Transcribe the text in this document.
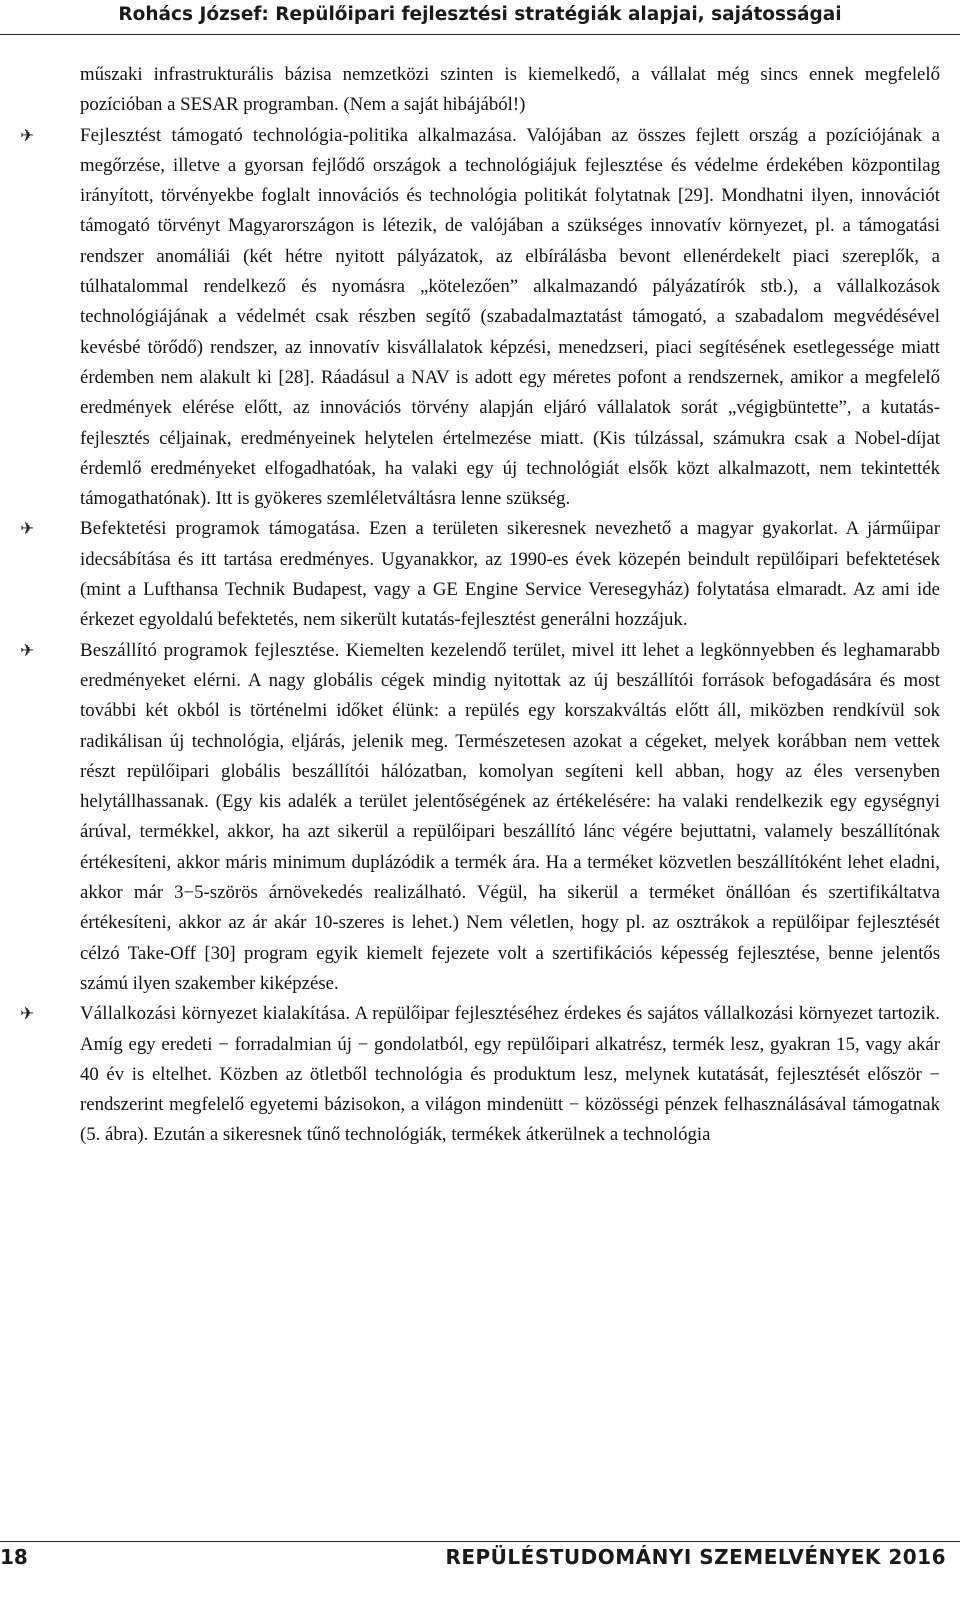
Rohács József: Repülőipari fejlesztési stratégiák alapjai, sajátosságai

műszaki infrastrukturális bázisa nemzetközi szinten is kiemelkedő, a vállalat még sincs ennek megfelelő pozícióban a SESAR programban. (Nem a saját hibájából!)

✈ Fejlesztést támogató technológia-politika alkalmazása. Valójában az összes fejlett ország a pozíciójának a megőrzése, illetve a gyorsan fejlődő országok a technológiájuk fejlesztése és védelme érdekében központilag irányított, törvényekbe foglalt innovációs és technológia politikát folytatnak [29]. Mondhatni ilyen, innovációt támogató törvényt Magyarországon is létezik, de valójában a szükséges innovatív környezet, pl. a támogatási rendszer anomáliái (két hétre nyitott pályázatok, az elbírálásba bevont ellenérdekelt piaci szereplők, a túlhatalommal rendelkező és nyomásra „kötelezően” alkalmazandó pályázatírók stb.), a vállalkozások technológiájának a védelmét csak részben segítő (szabadalmaztatást támogató, a szabadalom megvédésével kevésbé törődő) rendszer, az innovatív kisvállalatok képzési, menedzseri, piaci segítésének esetlegessége miatt érdemben nem alakult ki [28]. Ráadásul a NAV is adott egy méretes pofont a rendszernek, amikor a megfelelő eredmények elérése előtt, az innovációs törvény alapján eljáró vállalatok sorát „végigbüntette”, a kutatás-fejlesztés céljainak, eredményeinek helytelen értelmezése miatt. (Kis túlzással, számukra csak a Nobel-díjat érdemlő eredményeket elfogadhatóak, ha valaki egy új technológiát elsők közt alkalmazott, nem tekintették támogathatónak). Itt is gyökeres szemléletváltásra lenne szükség.

✈ Befektetési programok támogatása. Ezen a területen sikeresnek nevezhető a magyar gyakorlat. A járműipar idecsábítása és itt tartása eredményes. Ugyanakkor, az 1990-es évek közepén beindult repülőipari befektetések (mint a Lufthansa Technik Budapest, vagy a GE Engine Service Veresegyház) folytatása elmaradt. Az ami ide érkezet egyoldalú befektetés, nem sikerült kutatás-fejlesztést generálni hozzájuk.

✈ Beszállító programok fejlesztése. Kiemelten kezelendő terület, mivel itt lehet a legkönnyebben és leghamarabb eredményeket elérni. A nagy globális cégek mindig nyitottak az új beszállítói források befogadására és most további két okból is történelmi időket élünk: a repülés egy korszakváltás előtt áll, miközben rendkívül sok radikálisan új technológia, eljárás, jelenik meg. Természetesen azokat a cégeket, melyek korábban nem vettek részt repülőipari globális beszállítói hálózatban, komolyan segíteni kell abban, hogy az éles versenyben helytállhassanak. (Egy kis adalék a terület jelentőségének az értékelésére: ha valaki rendelkezik egy egységnyi árúval, termékkel, akkor, ha azt sikerül a repülőipari beszállító lánc végére bejuttatni, valamely beszállítónak értékesíteni, akkor máris minimum duplázódik a termék ára. Ha a terméket közvetlen beszállítóként lehet eladni, akkor már 3−5-szörös árnövekedés realizálható. Végül, ha sikerül a terméket önállóan és szertifikáltatva értékesíteni, akkor az ár akár 10-szeres is lehet.) Nem véletlen, hogy pl. az osztrákok a repülőipar fejlesztését célzó Take-Off [30] program egyik kiemelt fejezete volt a szertifikációs képesség fejlesztése, benne jelentős számú ilyen szakember kiképzése.

✈ Vállalkozási környezet kialakítása. A repülőipar fejlesztéséhez érdekes és sajátos vállalkozási környezet tartozik. Amíg egy eredeti − forradalmian új − gondolatból, egy repülőipari alkatrész, termék lesz, gyakran 15, vagy akár 40 év is eltelhet. Közben az ötletből technológia és produktum lesz, melynek kutatását, fejlesztését először − rendszerint megfelelő egyetemi bázisokon, a világon mindenütt − közösségi pénzek felhasználásával támogatnak (5. ábra). Ezután a sikeresnek tűnő technológiák, termékek átkerülnek a technológia

18	REPÜLÉSTUDOMÁNYI SZEMELVÉNYEK 2016
